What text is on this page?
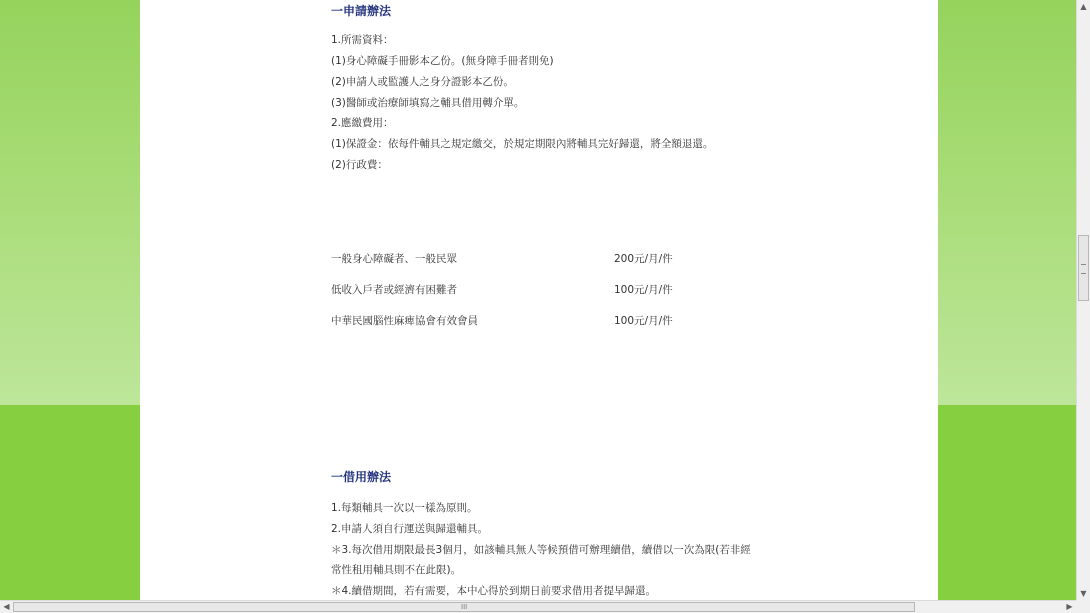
一申請辦法
1.所需資料：
(1)身心障礙手冊影本乙份。(無身障手冊者則免)
(2)申請人或監護人之身分證影本乙份。
(3)醫師或治療師填寫之輔具借用轉介單。
2.應繳費用：
(1)保證金：依每件輔具之規定繳交，於規定期限內將輔具完好歸還，將全額退還。
(2)行政費：
一般身心障礙者、一般民眾	200元/月/件
低收入戶者或經濟有困難者	100元/月/件
中華民國腦性麻痺協會有效會員	100元/月/件
一借用辦法
1.每類輔具一次以一樣為原則。
2.申請人須自行運送與歸還輔具。
＊3.每次借用期限最長3個月，如該輔具無人等候預借可辦理續借，續借以一次為限(若非經
常性租用輔具則不在此限)。
＊4.續借期間，若有需要，本中心得於到期日前要求借用者提早歸還。
▲
▼
◀	III	▶
